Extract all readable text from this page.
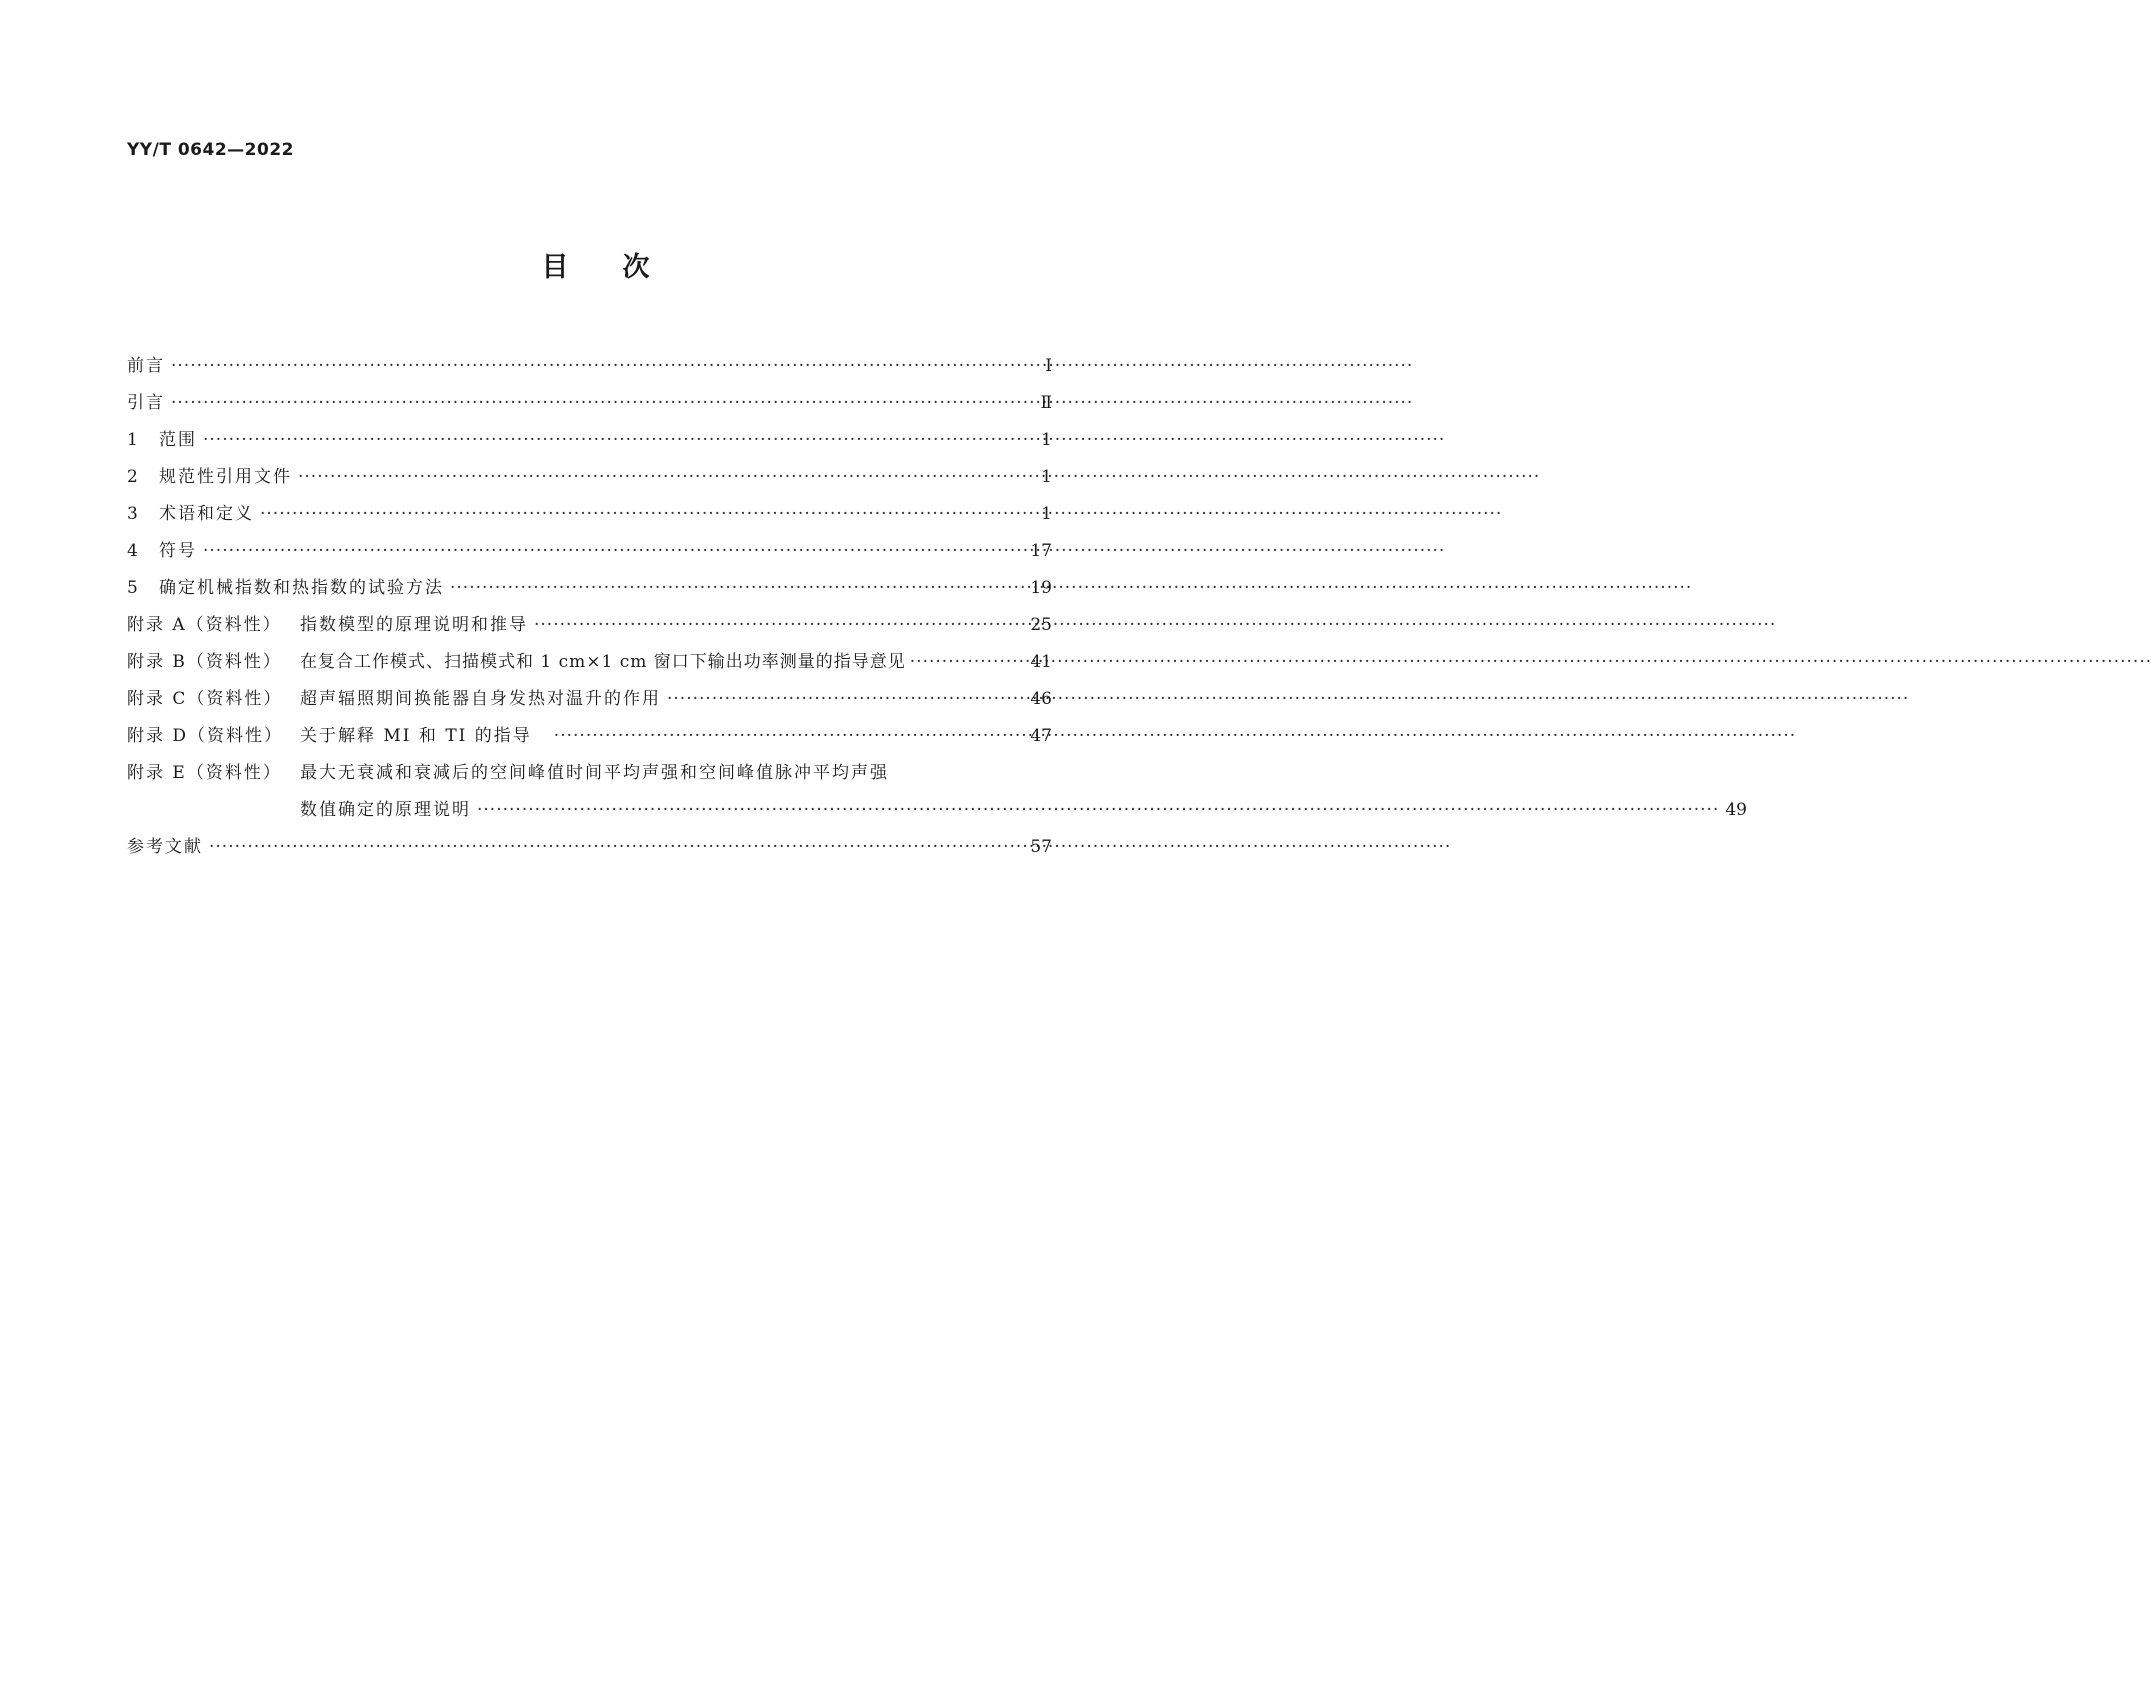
YY/T 0642—2022
目次
前言 ·····	Ⅰ
引言 ·····	Ⅱ
1	范围 ·····	1
2	规范性引用文件 ·····	1
3	术语和定义 ·····	1
4	符号 ·····	17
5	确定机械指数和热指数的试验方法 ·····	19
附录 A（资料性）	指数模型的原理说明和推导 ·····	25
附录 B（资料性）	在复合工作模式、扫描模式和 1 cm×1 cm 窗口下输出功率测量的指导意见 ·····	41
附录 C（资料性）	超声辐照期间换能器自身发热对温升的作用 ·····	46
附录 D（资料性） 关于解释 MI 和 TI 的指导 ·····	47
附录 E（资料性）	最大无衰减和衰减后的空间峰值时间平均声强和空间峰值脉冲平均声强
数值确定的原理说明 ·····	49
参考文献 ·····	57
